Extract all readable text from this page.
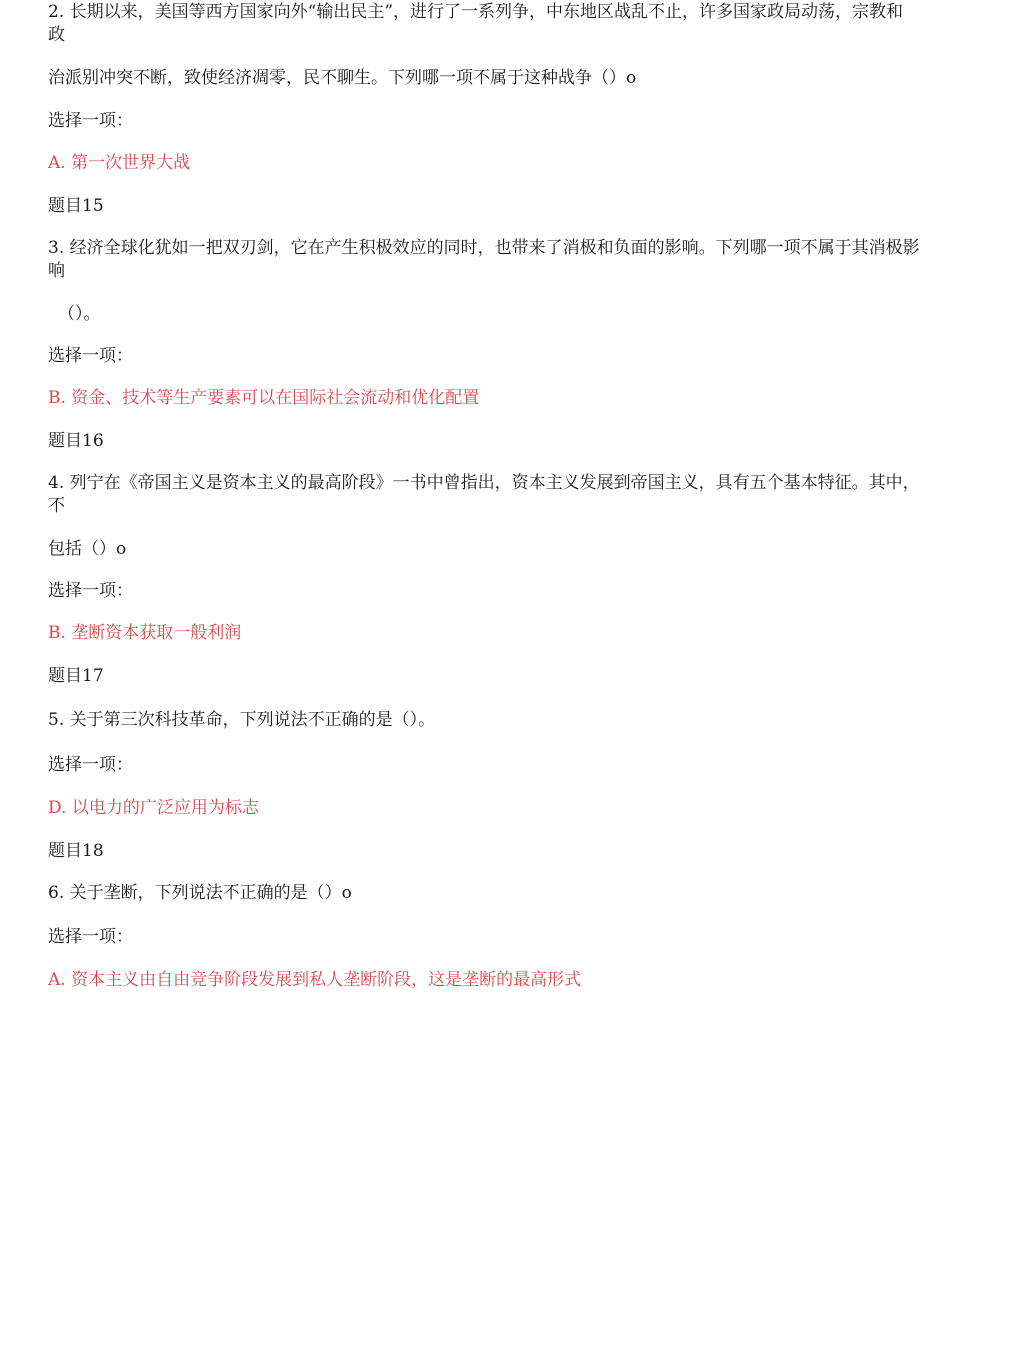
2. 长期以来，美国等西方国家向外“输出民主”，进行了一系列争，中东地区战乱不止，许多国家政局动荡，宗教和
政
治派别冲突不断，致使经济凋零，民不聊生。下列哪一项不属于这种战争（）o
选择一项：
A. 第一次世界大战
题目15
3. 经济全球化犹如一把双刃剑，它在产生积极效应的同时，也带来了消极和负面的影响。下列哪一项不属于其消极影
响
（）。
选择一项：
B. 资金、技术等生产要素可以在国际社会流动和优化配置
题目16
4. 列宁在《帝国主义是资本主义的最高阶段》一书中曾指出，资本主义发展到帝国主义，具有五个基本特征。其中，
不
包括（）o
选择一项：
B. 垄断资本获取一般利润
题目17
5. 关于第三次科技革命，下列说法不正确的是（）。
选择一项：
D. 以电力的广泛应用为标志
题目18
6. 关于垄断，下列说法不正确的是（）o
选择一项：
A. 资本主义由自由竞争阶段发展到私人垄断阶段，这是垄断的最高形式
